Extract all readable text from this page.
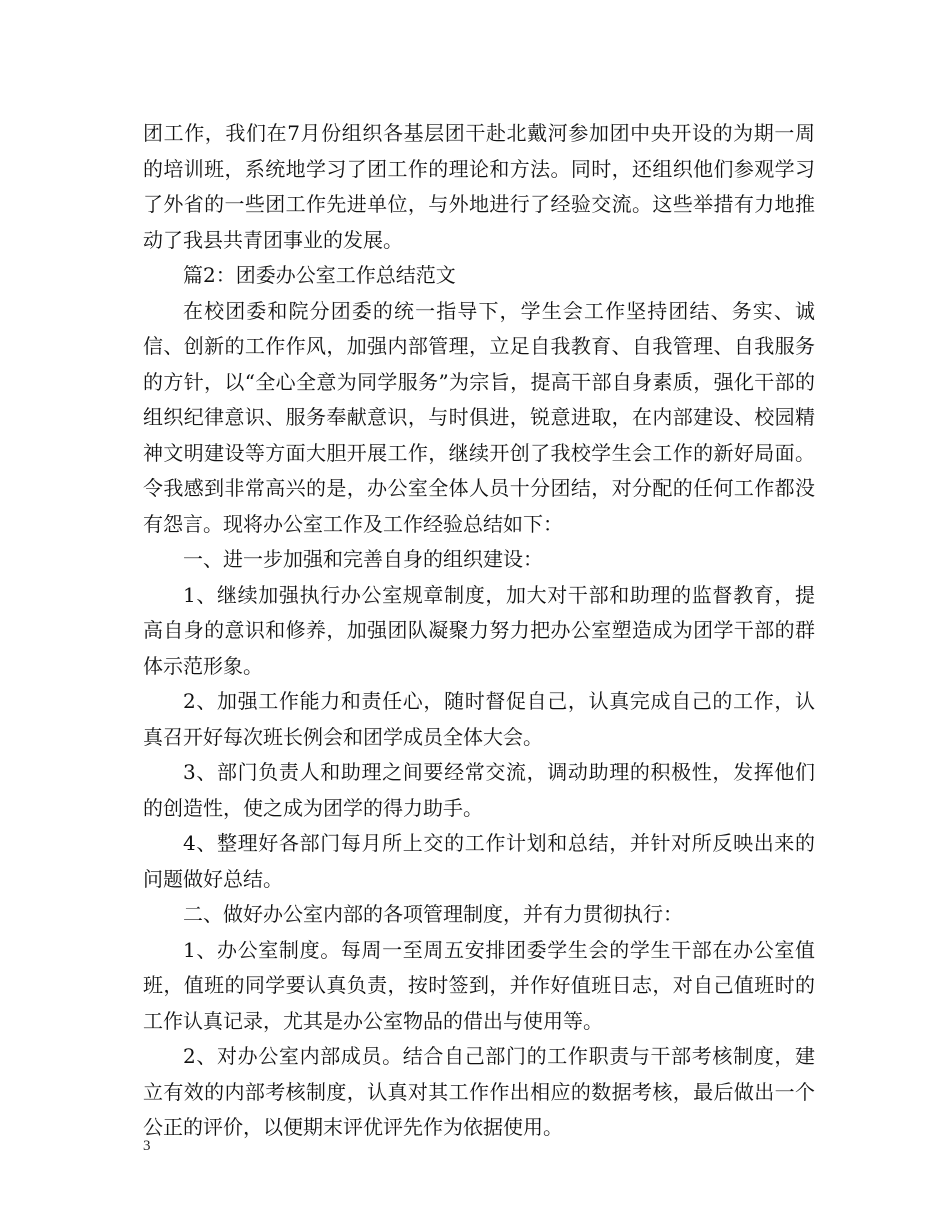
团工作，我们在7月份组织各基层团干赴北戴河参加团中央开设的为期一周的培训班，系统地学习了团工作的理论和方法。同时，还组织他们参观学习了外省的一些团工作先进单位，与外地进行了经验交流。这些举措有力地推动了我县共青团事业的发展。

篇2：团委办公室工作总结范文

在校团委和院分团委的统一指导下，学生会工作坚持团结、务实、诚信、创新的工作作风，加强内部管理，立足自我教育、自我管理、自我服务的方针，以“全心全意为同学服务”为宗旨，提高干部自身素质，强化干部的组织纪律意识、服务奉献意识，与时俱进，锐意进取，在内部建设、校园精神文明建设等方面大胆开展工作，继续开创了我校学生会工作的新好局面。令我感到非常高兴的是，办公室全体人员十分团结，对分配的任何工作都没有怨言。现将办公室工作及工作经验总结如下：

一、进一步加强和完善自身的组织建设：

1、继续加强执行办公室规章制度，加大对干部和助理的监督教育，提高自身的意识和修养，加强团队凝聚力努力把办公室塑造成为团学干部的群体示范形象。

2、加强工作能力和责任心，随时督促自己，认真完成自己的工作，认真召开好每次班长例会和团学成员全体大会。

3、部门负责人和助理之间要经常交流，调动助理的积极性，发挥他们的创造性，使之成为团学的得力助手。

4、整理好各部门每月所上交的工作计划和总结，并针对所反映出来的问题做好总结。

二、做好办公室内部的各项管理制度，并有力贯彻执行：

1、办公室制度。每周一至周五安排团委学生会的学生干部在办公室值班，值班的同学要认真负责，按时签到，并作好值班日志，对自己值班时的工作认真记录，尤其是办公室物品的借出与使用等。

2、对办公室内部成员。结合自己部门的工作职责与干部考核制度，建立有效的内部考核制度，认真对其工作作出相应的数据考核，最后做出一个公正的评价，以便期末评优评先作为依据使用。

3
